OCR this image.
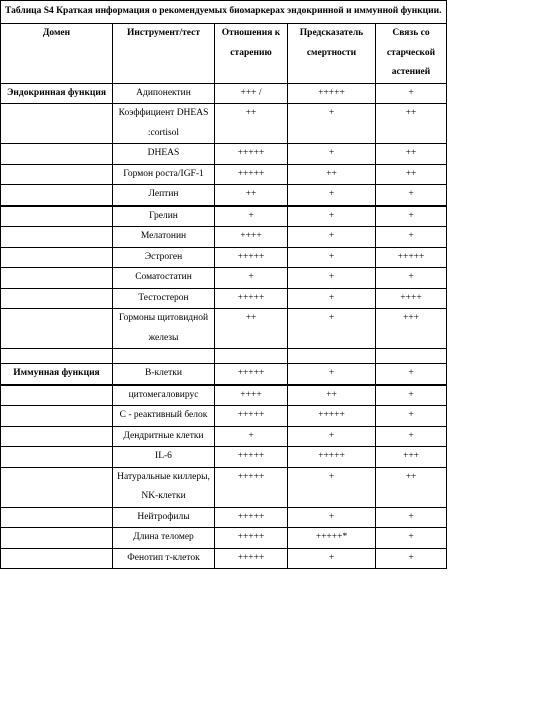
Таблица S4 Краткая информация о рекомендуемых биомаркерах эндокринной и иммунной функции.				
Домен	Инструмент/тест	Отношения к старению	Предсказатель смертности	Связь со старческой астенией
Эндокринная функция	Адипонектин	+++ /	+++++	+
	Коэффициент DHEAS :cortisol	++	+	++
	DHEAS	+++++	+	++
	Гормон роста/IGF-1	+++++	++	++
	Лептин	++	+	+
	Грелин	+	+	+
	Мелатонин	++++	+	+
	Эстроген	+++++	+	+++++
	Соматостатин	+	+	+
	Тестостерон	+++++	+	++++
	Гормоны щитовидной железы	++	+	+++

Иммунная функция	B-клетки	+++++	+	+
	цитомегаловирус	++++	++	+
	С - реактивный белок	+++++	+++++	+
	Дендритные клетки	+	+	+
	IL-6	+++++	+++++	+++
	Натуральные киллеры, NK-клетки	+++++	+	++
	Нейтрофилы	+++++	+	+
	Длина теломер	+++++	+++++*	+
	Фенотип т-клеток	+++++	+	+
